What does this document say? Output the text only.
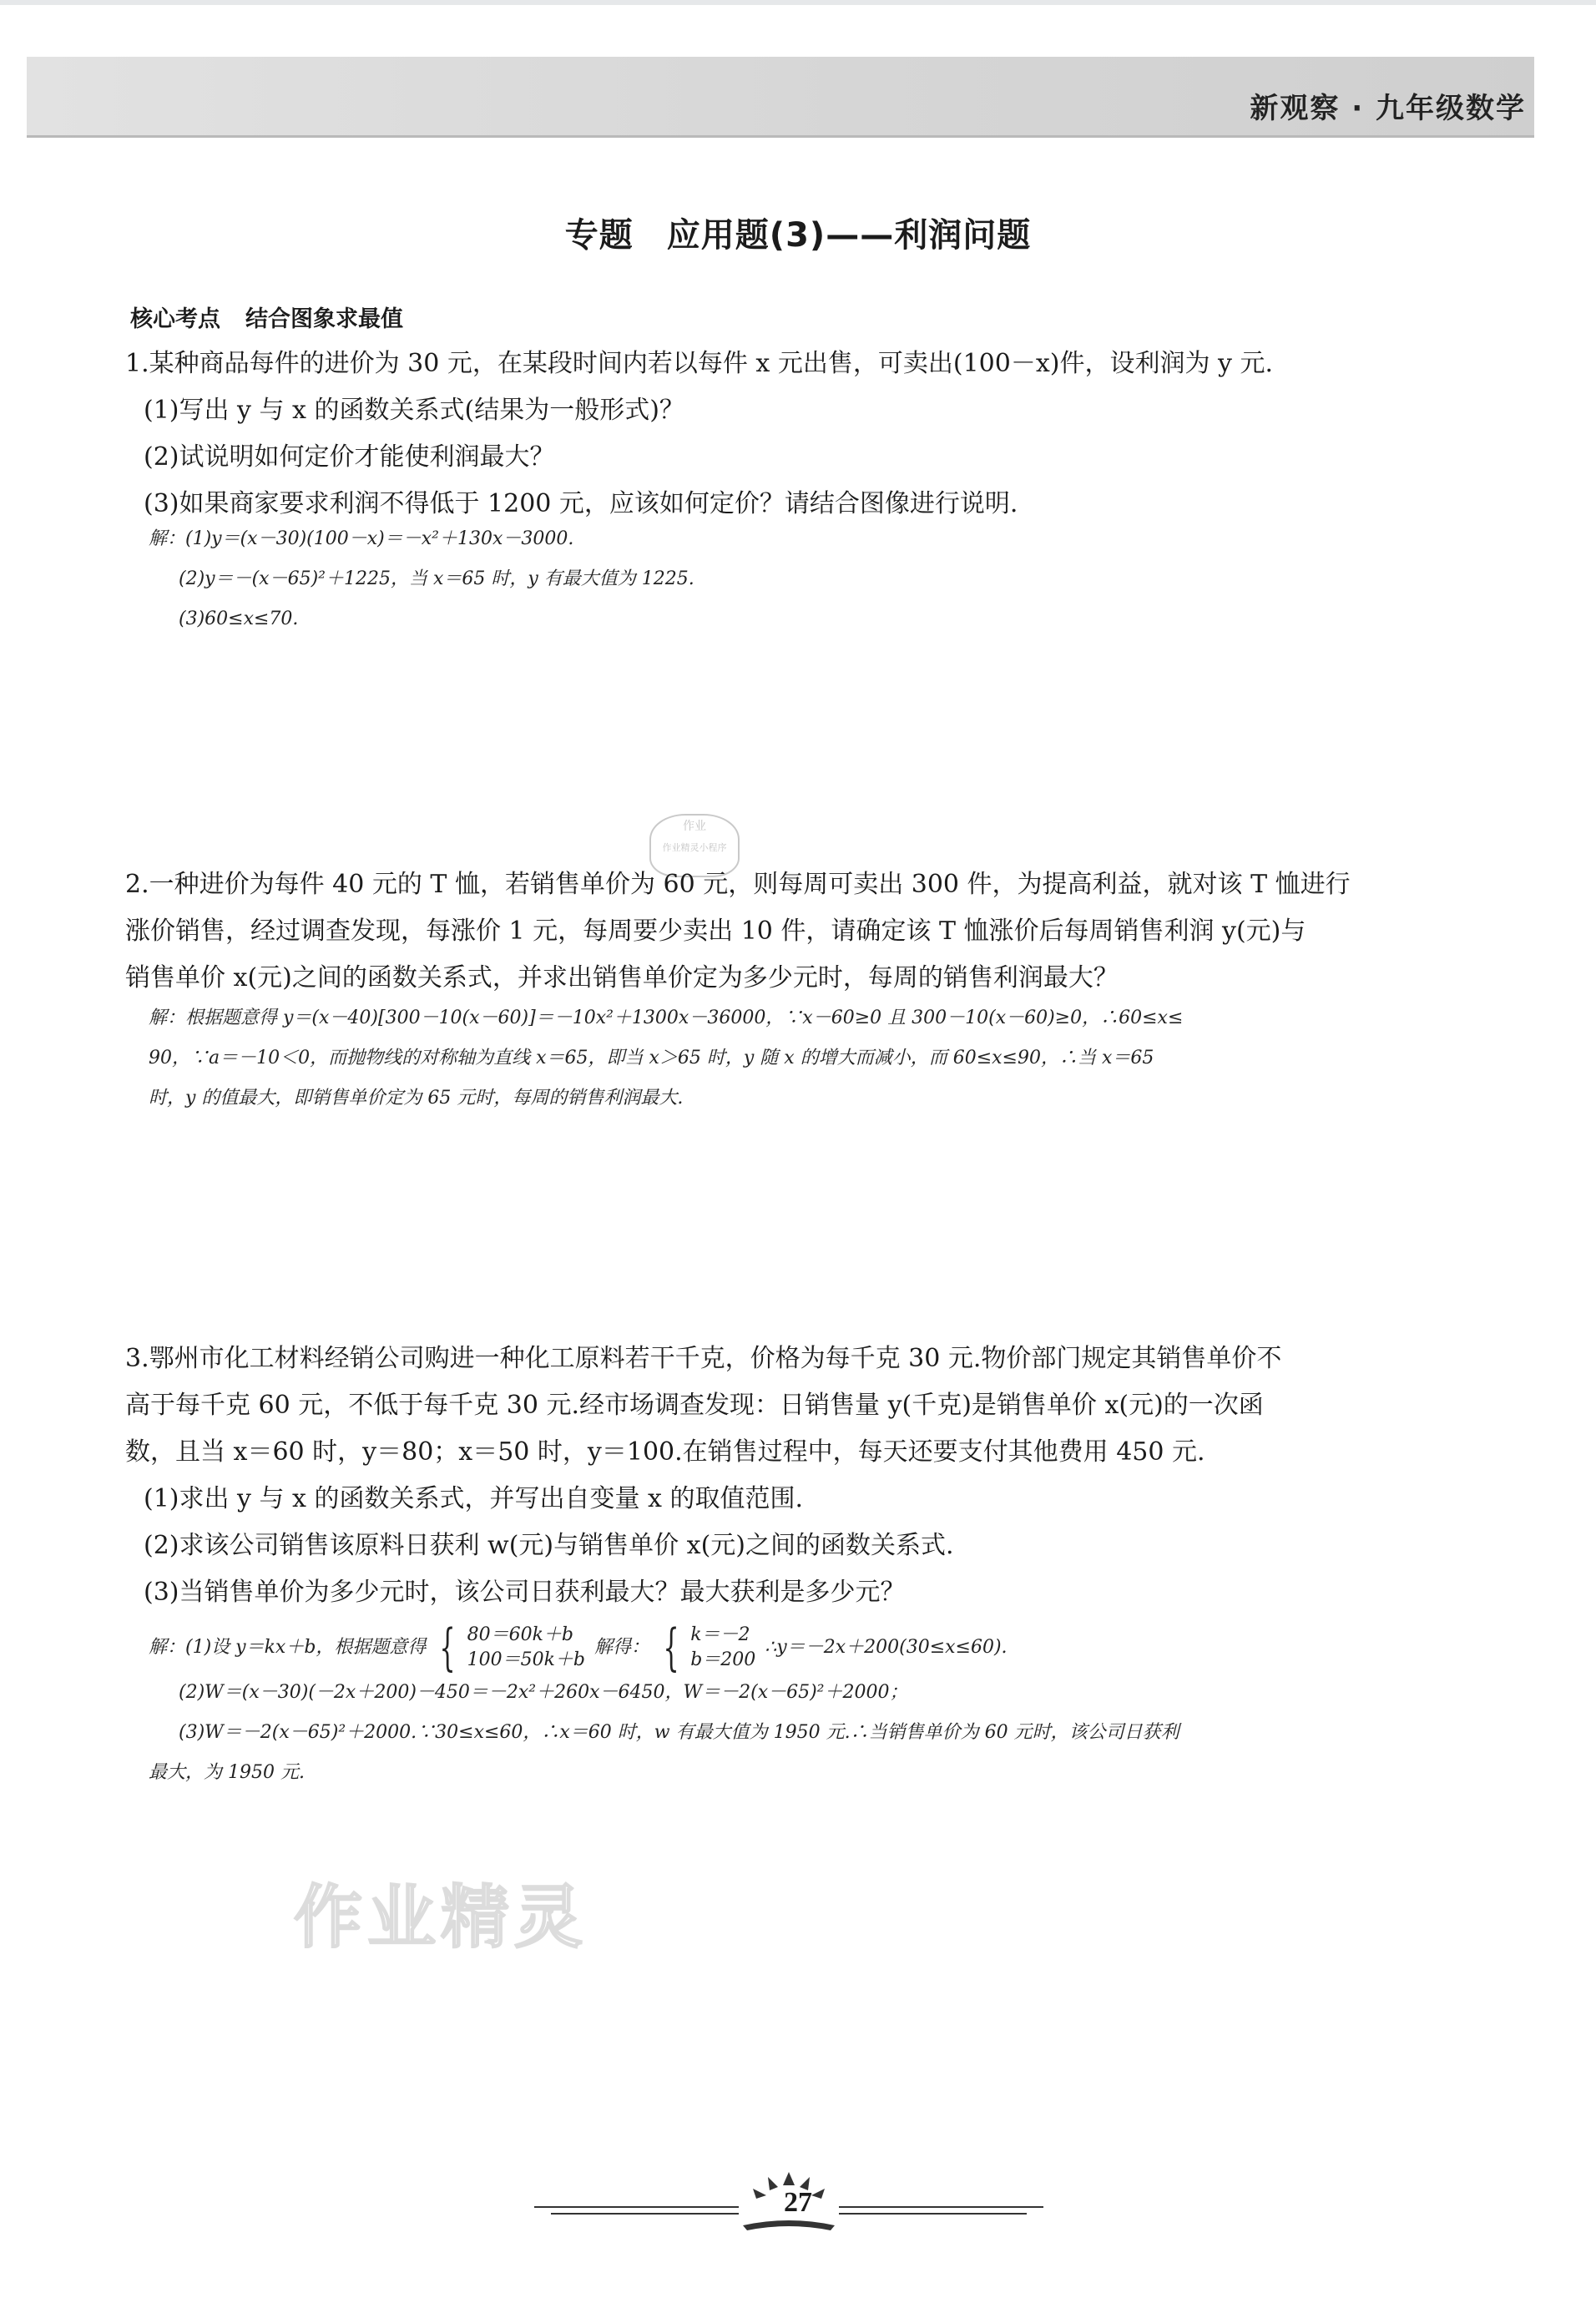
新观察 · 九年级数学
专题 应用题(3)——利润问题
核心考点 结合图象求最值

1.某种商品每件的进价为 30 元，在某段时间内若以每件 x 元出售，可卖出(100－x)件，设利润为 y 元.

(1)写出 y 与 x 的函数关系式(结果为一般形式)？

(2)试说明如何定价才能使利润最大？

(3)如果商家要求利润不得低于 1200 元，应该如何定价？请结合图像进行说明.

解：(1)y＝(x－30)(100－x)＝－x²＋130x－3000.

(2)y＝－(x－65)²＋1225，当 x＝65 时，y 有最大值为 1225.

(3)60≤x≤70.

作业
作业精灵小程序

2.一种进价为每件 40 元的 T 恤，若销售单价为 60 元，则每周可卖出 300 件，为提高利益，就对该 T 恤进行

涨价销售，经过调查发现，每涨价 1 元，每周要少卖出 10 件，请确定该 T 恤涨价后每周销售利润 y(元)与

销售单价 x(元)之间的函数关系式，并求出销售单价定为多少元时，每周的销售利润最大？

解：根据题意得 y＝(x－40)[300－10(x－60)]＝－10x²＋1300x－36000，∵x－60≥0 且 300－10(x－60)≥0，∴60≤x≤

90，∵a＝－10＜0，而抛物线的对称轴为直线 x＝65，即当 x＞65 时，y 随 x 的增大而减小，而 60≤x≤90，∴当 x＝65

时，y 的值最大，即销售单价定为 65 元时，每周的销售利润最大.

3.鄂州市化工材料经销公司购进一种化工原料若干千克，价格为每千克 30 元.物价部门规定其销售单价不

高于每千克 60 元，不低于每千克 30 元.经市场调查发现：日销售量 y(千克)是销售单价 x(元)的一次函

数，且当 x＝60 时，y＝80；x＝50 时，y＝100.在销售过程中，每天还要支付其他费用 450 元.

(1)求出 y 与 x 的函数关系式，并写出自变量 x 的取值范围.

(2)求该公司销售该原料日获利 w(元)与销售单价 x(元)之间的函数关系式.

(3)当销售单价为多少元时，该公司日获利最大？最大获利是多少元？

解：(1)设 y＝kx＋b，根据题意得 { 80＝60k＋b
100＝50k＋b
解得： { k＝－2
b＝200
∴y＝－2x＋200(30≤x≤60).

(2)W＝(x－30)(－2x＋200)－450＝－2x²＋260x－6450，W＝－2(x－65)²＋2000；

(3)W＝－2(x－65)²＋2000.∵30≤x≤60，∴x＝60 时，w 有最大值为 1950 元.∴当销售单价为 60 元时，该公司日获利

最大，为 1950 元.

作业精灵
27
